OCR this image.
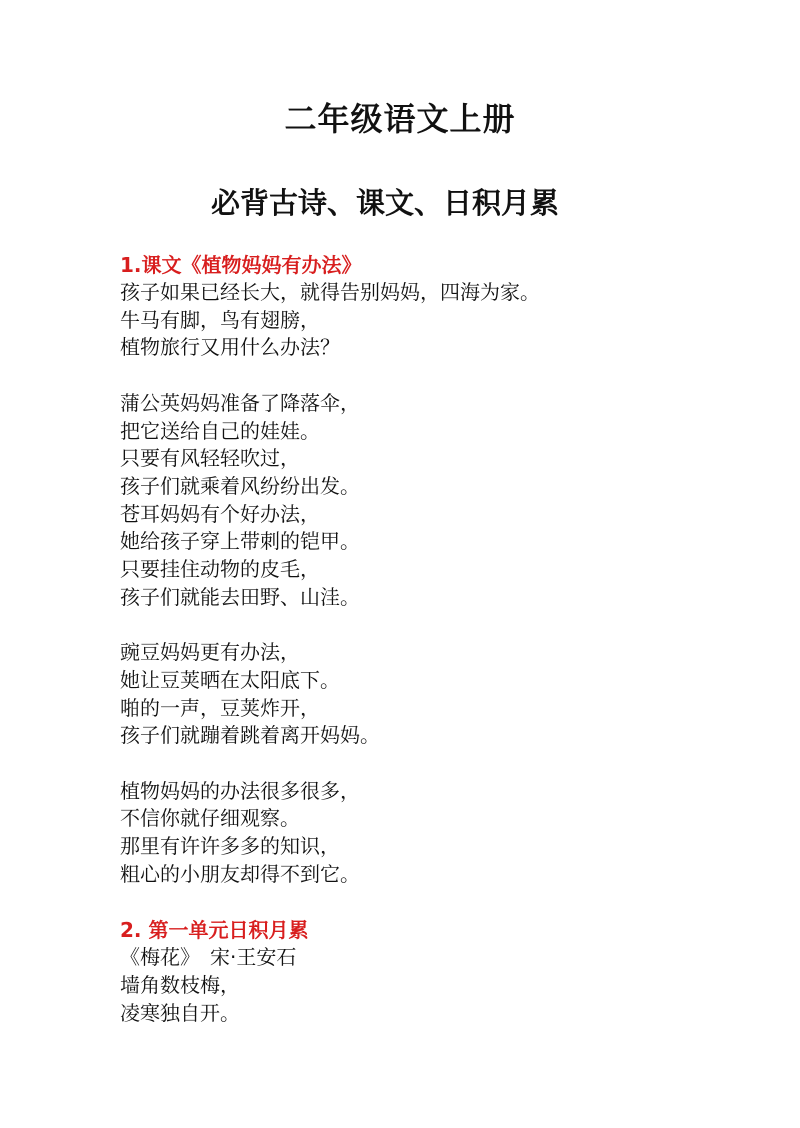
二年级语文上册
必背古诗、课文、日积月累
1.课文《植物妈妈有办法》
孩子如果已经长大，就得告别妈妈，四海为家。
牛马有脚，鸟有翅膀，
植物旅行又用什么办法？
蒲公英妈妈准备了降落伞，
把它送给自己的娃娃。
只要有风轻轻吹过，
孩子们就乘着风纷纷出发。
苍耳妈妈有个好办法，
她给孩子穿上带刺的铠甲。
只要挂住动物的皮毛，
孩子们就能去田野、山洼。
豌豆妈妈更有办法，
她让豆荚晒在太阳底下。
啪的一声，豆荚炸开，
孩子们就蹦着跳着离开妈妈。
植物妈妈的办法很多很多，
不信你就仔细观察。
那里有许许多多的知识，
粗心的小朋友却得不到它。
2. 第一单元日积月累
《梅花》　宋·王安石
墙角数枝梅，
凌寒独自开。
